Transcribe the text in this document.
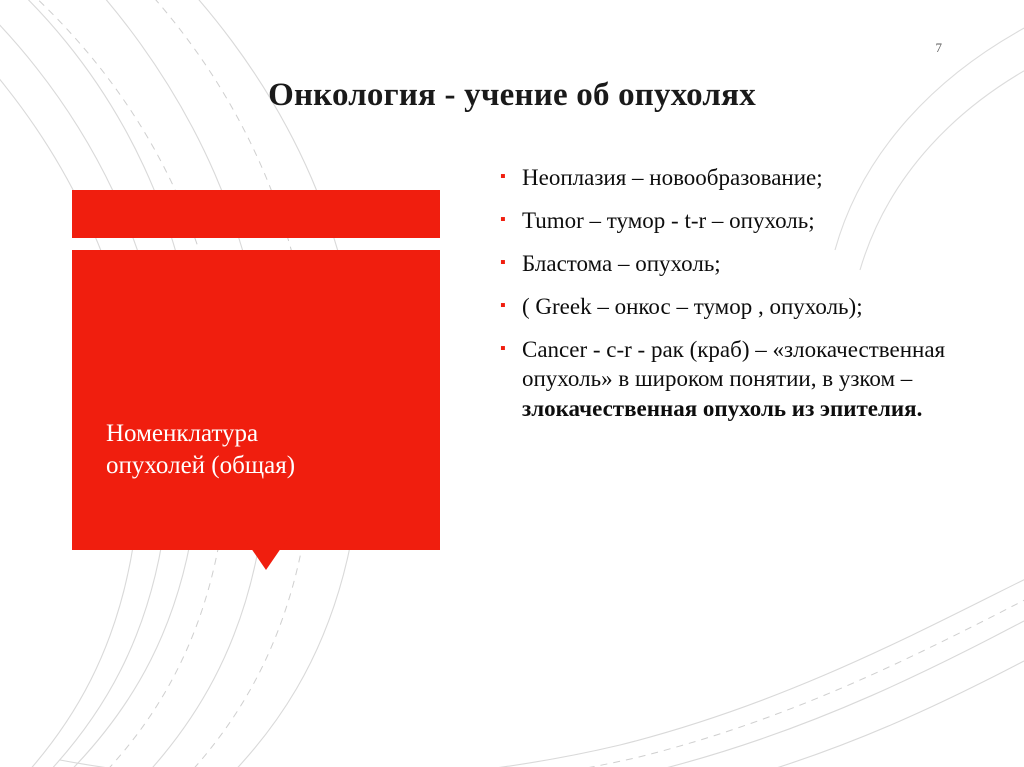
7
Онкология - учение об опухолях
Номенклатура
опухолей (общая)
▪ Неоплазия – новообразование;
▪ Tumor – тумор - t-r – опухоль;
▪ Бластома – опухоль;
▪ ( Greek – онкос – тумор , опухоль);
▪ Cancer - c-r - рак (краб) – «злокачественная опухоль» в широком понятии, в узком – злокачественная опухоль из эпителия.
